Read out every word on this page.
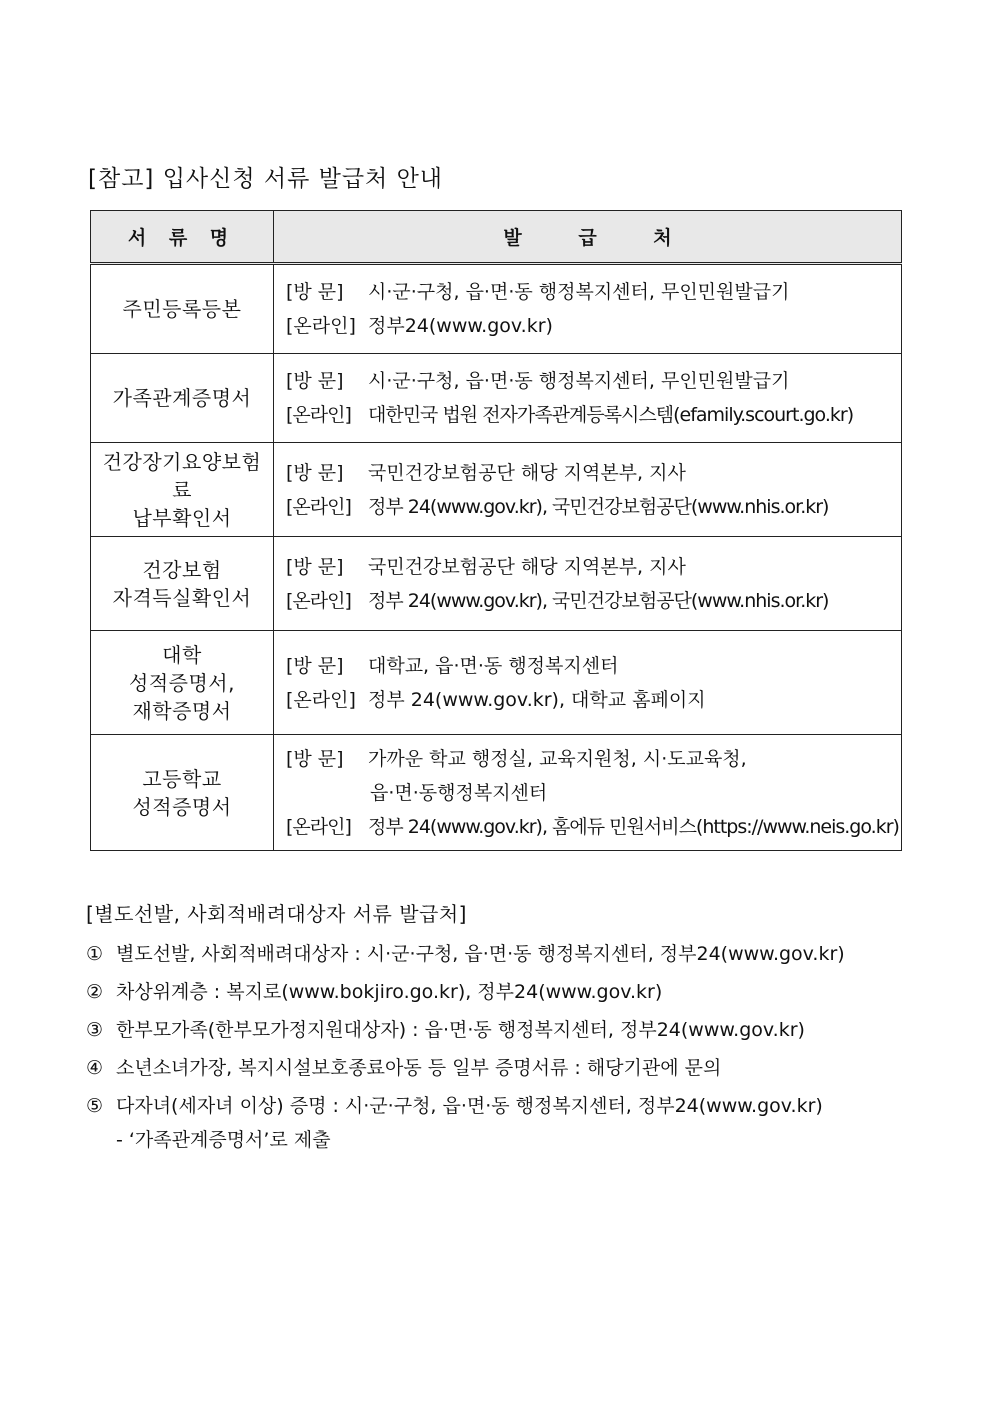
[참고] 입사신청 서류 발급처 안내
서 류 명	발 급 처

주민등록등본	[방 문] 시·군·구청, 읍·면·동 행정복지센터, 무인민원발급기
[온라인] 정부24(www.gov.kr)

가족관계증명서	[방 문] 시·군·구청, 읍·면·동 행정복지센터, 무인민원발급기
[온라인] 대한민국 법원 전자가족관계등록시스템(efamily.scourt.go.kr)

건강장기요양보험료
납부확인서	[방 문] 국민건강보험공단 해당 지역본부, 지사
[온라인] 정부 24(www.gov.kr), 국민건강보험공단(www.nhis.or.kr)

건강보험
자격득실확인서	[방 문] 국민건강보험공단 해당 지역본부, 지사
[온라인] 정부 24(www.gov.kr), 국민건강보험공단(www.nhis.or.kr)

대학
성적증명서,
재학증명서	[방 문] 대학교, 읍·면·동 행정복지센터
[온라인] 정부 24(www.gov.kr), 대학교 홈페이지

고등학교
성적증명서	[방 문] 가까운 학교 행정실, 교육지원청, 시·도교육청,
읍·면·동행정복지센터
[온라인] 정부 24(www.gov.kr), 홈에듀 민원서비스(https://www.neis.go.kr)
[별도선발, 사회적배려대상자 서류 발급처]
① 별도선발, 사회적배려대상자 : 시·군·구청, 읍·면·동 행정복지센터, 정부24(www.gov.kr)
② 차상위계층 : 복지로(www.bokjiro.go.kr), 정부24(www.gov.kr)
③ 한부모가족(한부모가정지원대상자) : 읍·면·동 행정복지센터, 정부24(www.gov.kr)
④ 소년소녀가장, 복지시설보호종료아동 등 일부 증명서류 : 해당기관에 문의
⑤ 다자녀(세자녀 이상) 증명 : 시·군·구청, 읍·면·동 행정복지센터, 정부24(www.gov.kr)
- ‘가족관계증명서’로 제출
